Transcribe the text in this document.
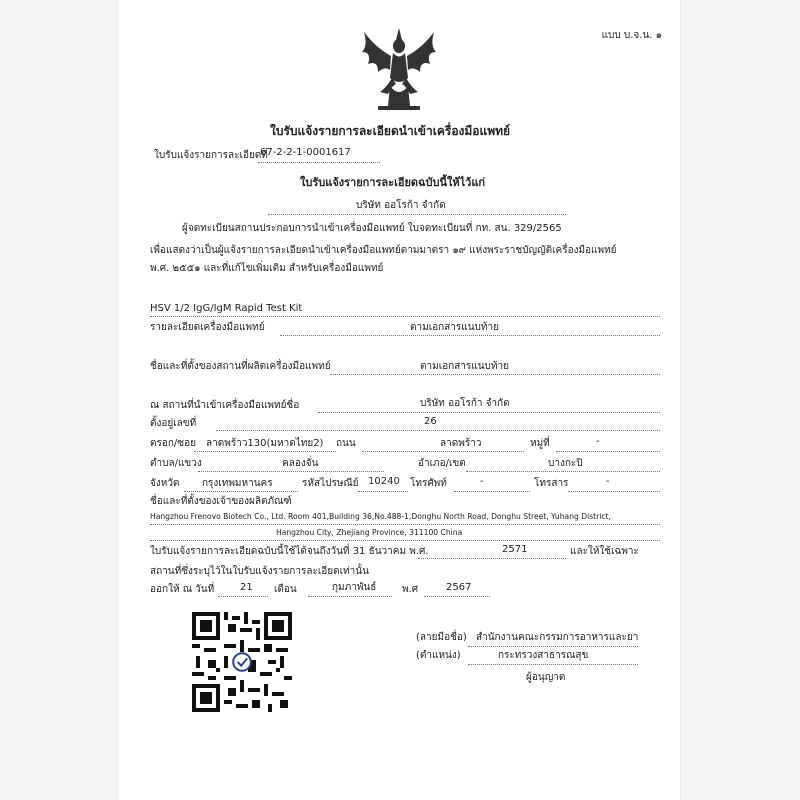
แบบ บ.จ.น. ๑
ใบรับแจ้งรายการละเอียดนำเข้าเครื่องมือแพทย์
ใบรับแจ้งรายการละเอียดที่
67-2-2-1-0001617
ใบรับแจ้งรายการละเอียดฉบับนี้ให้ไว้แก่
บริษัท ออโรก้า จำกัด
ผู้จดทะเบียนสถานประกอบการนำเข้าเครื่องมือแพทย์ ใบจดทะเบียนที่ กท. สน. 329/2565
เพื่อแสดงว่าเป็นผู้แจ้งรายการละเอียดนำเข้าเครื่องมือแพทย์ตามมาตรา ๑๙ แห่งพระราชบัญญัติเครื่องมือแพทย์
พ.ศ. ๒๕๕๑ และที่แก้ไขเพิ่มเติม สำหรับเครื่องมือแพทย์
HSV 1/2 IgG/IgM Rapid Test Kit
รายละเอียดเครื่องมือแพทย์	ตามเอกสารแนบท้าย
ชื่อและที่ตั้งของสถานที่ผลิตเครื่องมือแพทย์	ตามเอกสารแนบท้าย
ณ สถานที่นำเข้าเครื่องมือแพทย์ชื่อ	บริษัท ออโรก้า จำกัด
ตั้งอยู่เลขที่	26
ตรอก/ซอย ลาดพร้าว130(มหาดไทย2) ถนน	ลาดพร้าว	หมู่ที่	-
ตำบล/แขวง	คลองจั่น	อำเภอ/เขต	บางกะปิ
จังหวัด กรุงเทพมหานคร	รหัสไปรษณีย์ 10240 โทรศัพท์	-	โทรสาร	-
ชื่อและที่ตั้งของเจ้าของผลิตภัณฑ์
Hangzhou Frenovo Biotech Co., Ltd. Room 401,Building 36,No.488-1,Donghu North Road, Donghu Street, Yuhang District,
Hangzhou City, Zhejiang Province, 311100 China
ใบรับแจ้งรายการละเอียดฉบับนี้ใช้ได้จนถึงวันที่ 31 ธันวาคม พ.ศ.	2571	และให้ใช้เฉพาะ
สถานที่ซึ่งระบุไว้ในใบรับแจ้งรายการละเอียดเท่านั้น
ออกให้ ณ วันที่	21 เดือน	กุมภาพันธ์	พ.ศ	2567
(ลายมือชื่อ) สำนักงานคณะกรรมการอาหารและยา
(ตำแหน่ง)	กระทรวงสาธารณสุข
ผู้อนุญาต
